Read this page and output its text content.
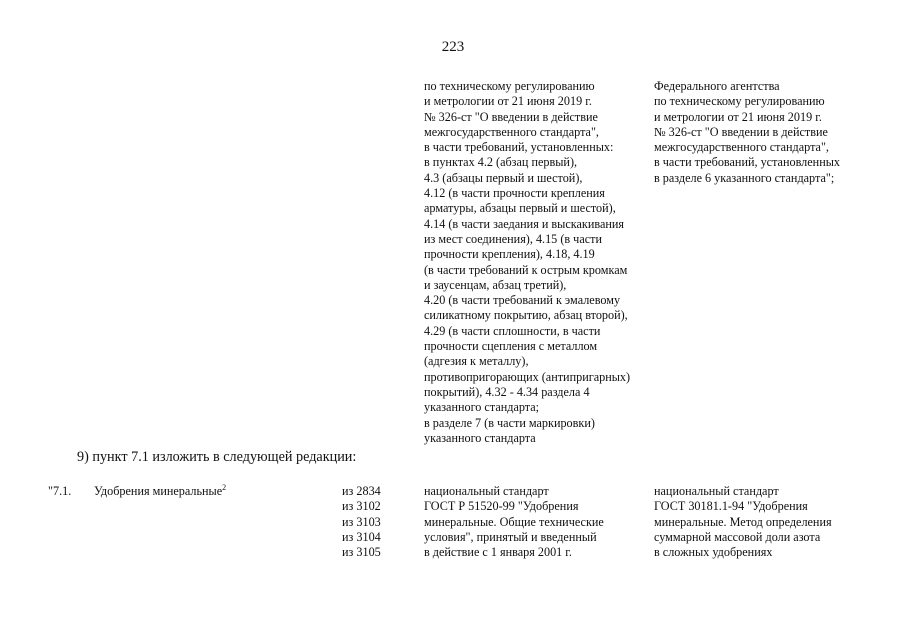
223
по техническому регулированию
и метрологии от 21 июня 2019 г.
№ 326-ст "О введении в действие
межгосударственного стандарта",
в части требований, установленных:
в пунктах 4.2 (абзац первый),
4.3 (абзацы первый и шестой),
4.12 (в части прочности крепления
арматуры, абзацы первый и шестой),
4.14 (в части заедания и выскакивания
из мест соединения), 4.15 (в части
прочности крепления), 4.18, 4.19
(в части требований к острым кромкам
и заусенцам, абзац третий),
4.20 (в части требований к эмалевому
силикатному покрытию, абзац второй),
4.29 (в части сплошности, в части
прочности сцепления с металлом
(адгезия к металлу),
противопригорающих (антипригарных)
покрытий), 4.32 - 4.34 раздела 4
указанного стандарта;
в разделе 7 (в части маркировки)
указанного стандарта
Федерального агентства
по техническому регулированию
и метрологии от 21 июня 2019 г.
№ 326-ст "О введении в действие
межгосударственного стандарта",
в части требований, установленных
в разделе 6 указанного стандарта";
9) пункт 7.1 изложить в следующей редакции:
"7.1. Удобрения минеральные$^2$	из 2834
из 3102
из 3103
из 3104
из 3105
национальный стандарт
ГОСТ Р 51520-99 "Удобрения
минеральные. Общие технические
условия", принятый и введенный
в действие с 1 января 2001 г.
национальный стандарт
ГОСТ 30181.1-94 "Удобрения
минеральные. Метод определения
суммарной массовой доли азота
в сложных удобрениях
